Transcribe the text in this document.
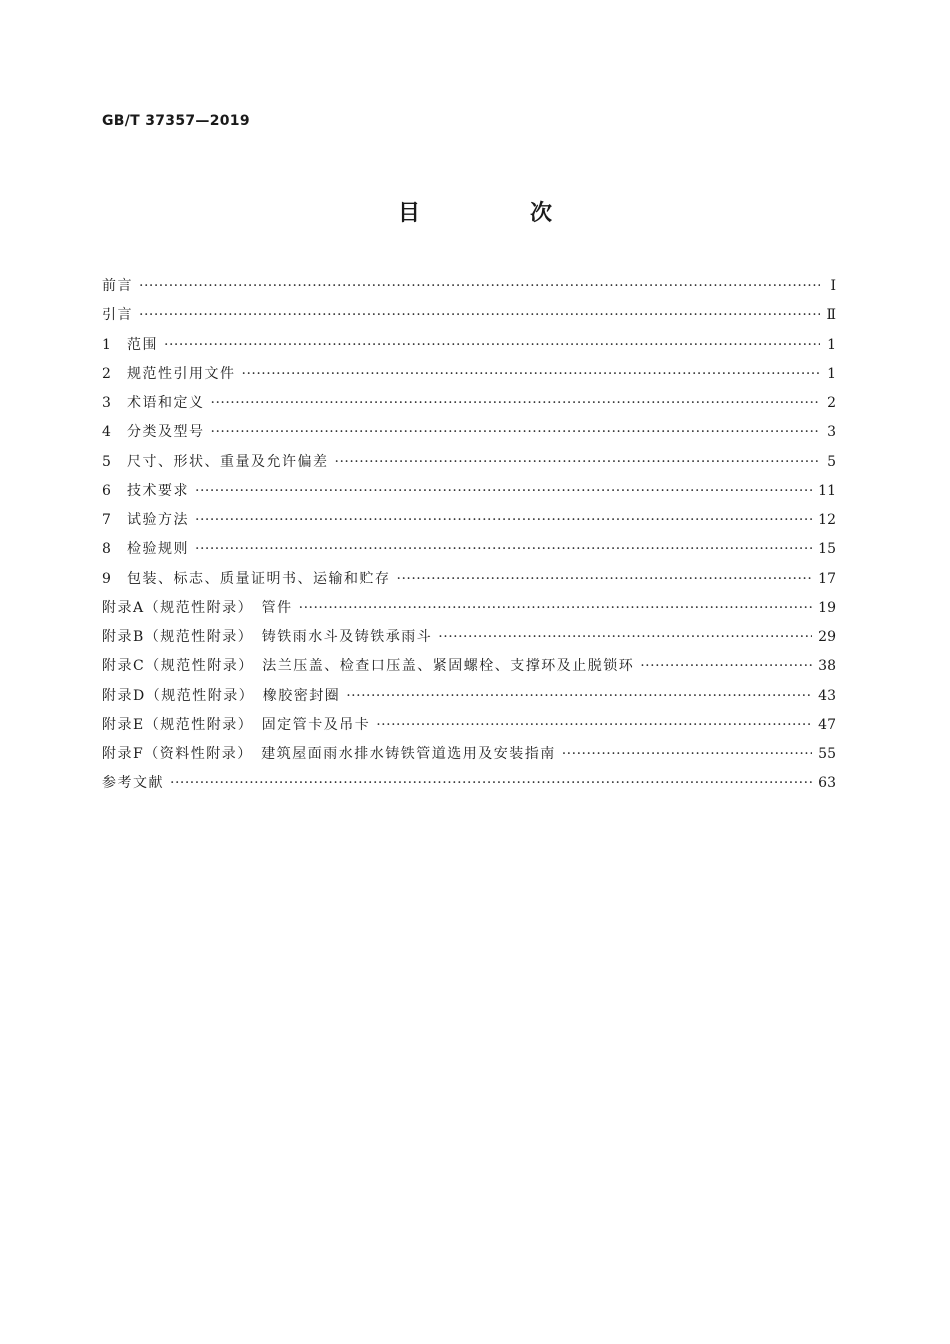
GB/T 37357—2019
目　次
前言 ·····	Ⅰ
引言 ·····	Ⅱ
1	范围 ·····	1
2	规范性引用文件 ·····	1
3	术语和定义 ·····	2
4	分类及型号 ·····	3
5	尺寸、形状、重量及允许偏差 ·····	5
6	技术要求 ·····	11
7	试验方法 ·····	12
8	检验规则 ·····	15
9	包装、标志、质量证明书、运输和贮存 ·····	17
附录A（规范性附录）　管件 ·····	19
附录B（规范性附录）　铸铁雨水斗及铸铁承雨斗 ·····	29
附录C（规范性附录）　法兰压盖、检查口压盖、紧固螺栓、支撑环及止脱锁环 ·····	38
附录D（规范性附录）　橡胶密封圈 ·····	43
附录E（规范性附录）　固定管卡及吊卡 ·····	47
附录F（资料性附录）　建筑屋面雨水排水铸铁管道选用及安装指南 ·····	55
参考文献 ·····	63
